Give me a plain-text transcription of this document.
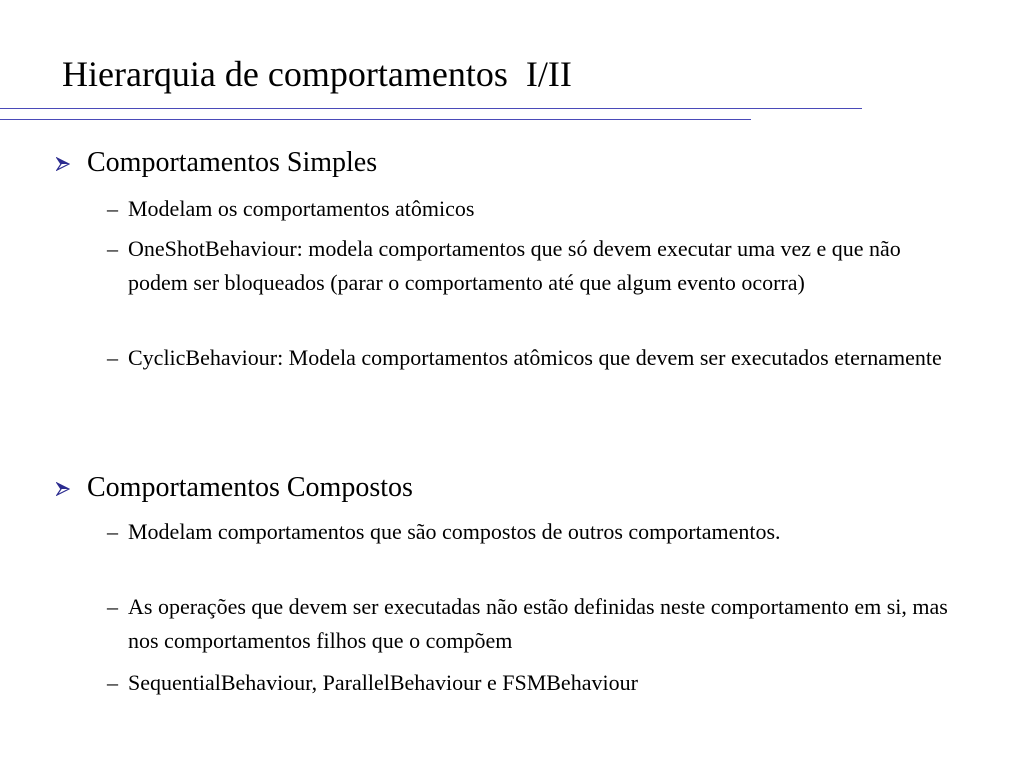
Hierarquia de comportamentos  I/II
Comportamentos Simples
– Modelam os comportamentos atômicos
– OneShotBehaviour: modela comportamentos que só devem executar uma vez e que não podem ser bloqueados (parar o comportamento até que algum evento ocorra)
– CyclicBehaviour: Modela comportamentos atômicos que devem ser executados eternamente
Comportamentos Compostos
– Modelam comportamentos que são compostos de outros comportamentos.
– As operações que devem ser executadas não estão definidas neste comportamento em si, mas nos comportamentos filhos que o compõem
– SequentialBehaviour, ParallelBehaviour e FSMBehaviour
